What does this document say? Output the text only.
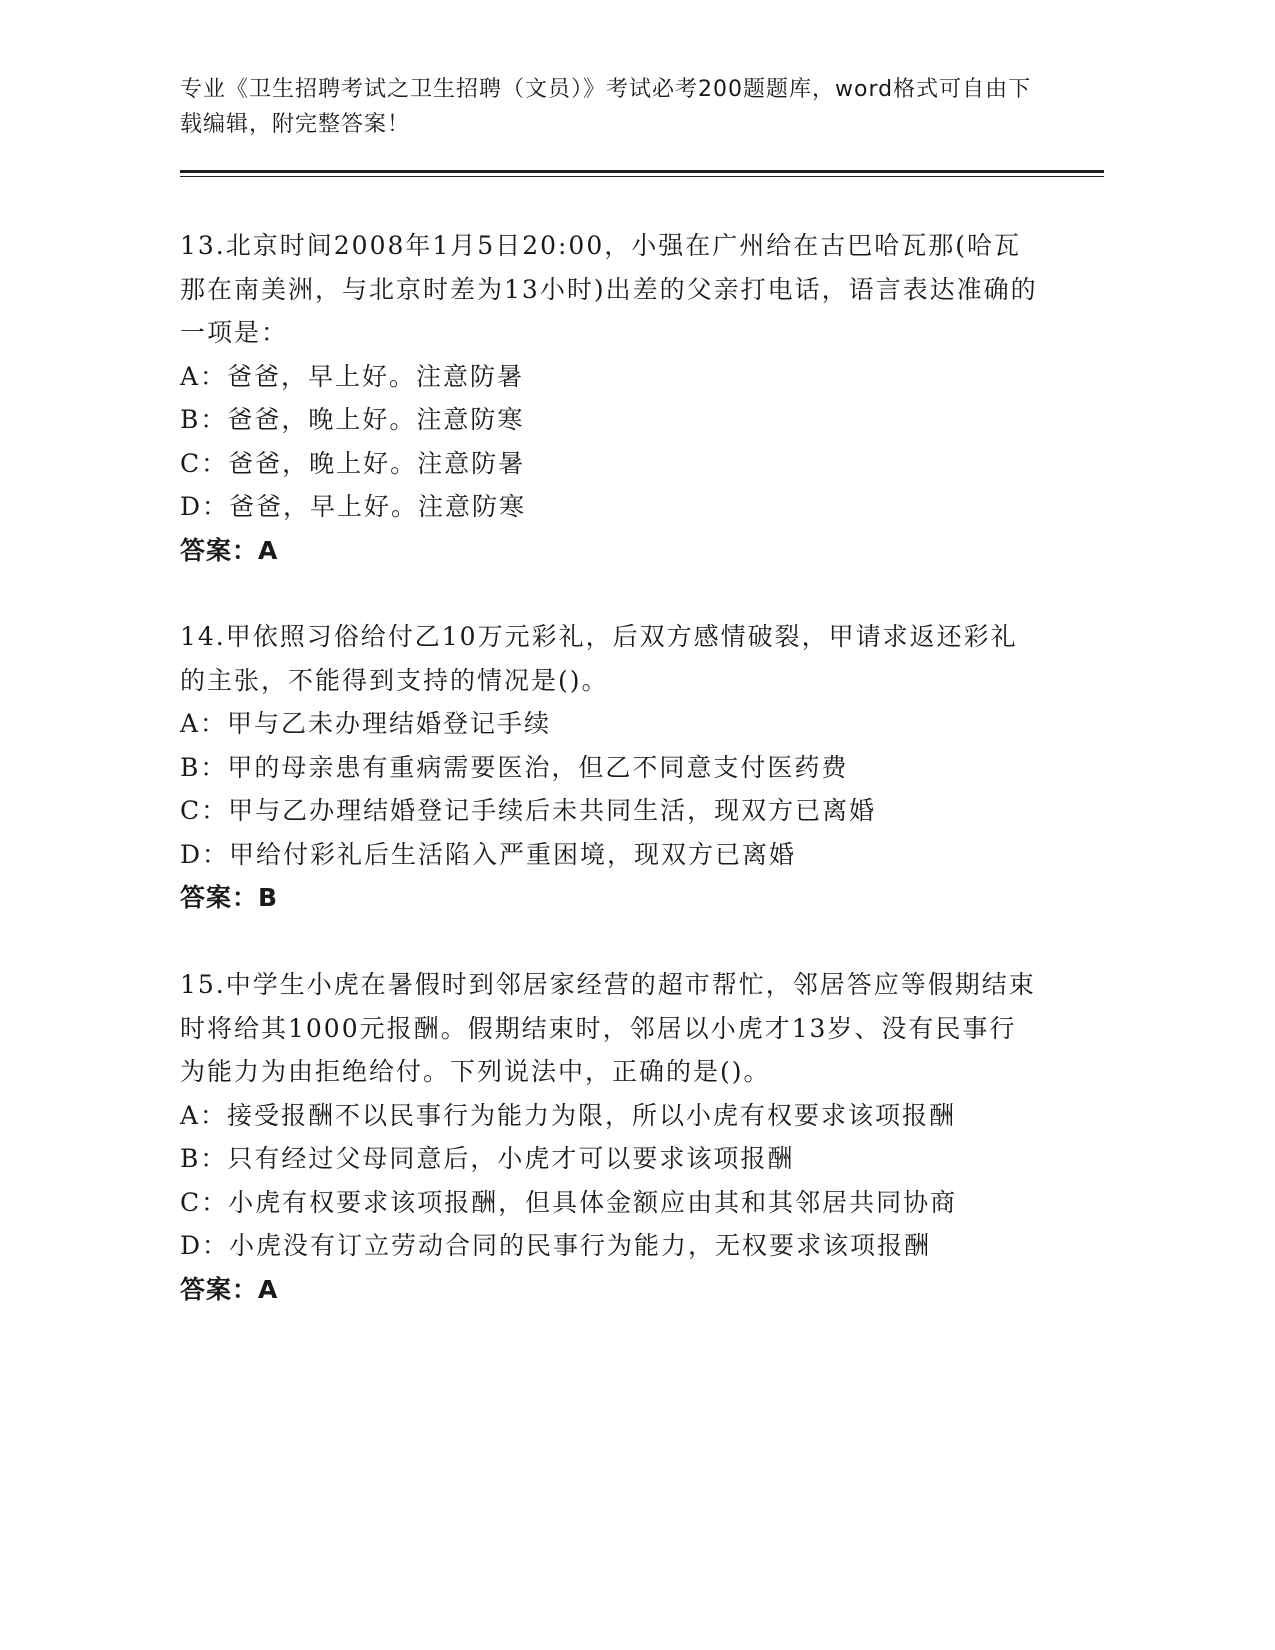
专业《卫生招聘考试之卫生招聘（文员）》考试必考200题题库，word格式可自由下载编辑，附完整答案！
13.北京时间2008年1月5日20:00，小强在广州给在古巴哈瓦那(哈瓦那在南美洲，与北京时差为13小时)出差的父亲打电话，语言表达准确的一项是：
A：爸爸，早上好。注意防暑
B：爸爸，晚上好。注意防寒
C：爸爸，晚上好。注意防暑
D：爸爸，早上好。注意防寒
答案：A
14.甲依照习俗给付乙10万元彩礼，后双方感情破裂，甲请求返还彩礼的主张，不能得到支持的情况是()。
A：甲与乙未办理结婚登记手续
B：甲的母亲患有重病需要医治，但乙不同意支付医药费
C：甲与乙办理结婚登记手续后未共同生活，现双方已离婚
D：甲给付彩礼后生活陷入严重困境，现双方已离婚
答案：B
15.中学生小虎在暑假时到邻居家经营的超市帮忙，邻居答应等假期结束时将给其1000元报酬。假期结束时，邻居以小虎才13岁、没有民事行为能力为由拒绝给付。下列说法中，正确的是()。
A：接受报酬不以民事行为能力为限，所以小虎有权要求该项报酬
B：只有经过父母同意后，小虎才可以要求该项报酬
C：小虎有权要求该项报酬，但具体金额应由其和其邻居共同协商
D：小虎没有订立劳动合同的民事行为能力，无权要求该项报酬
答案：A
